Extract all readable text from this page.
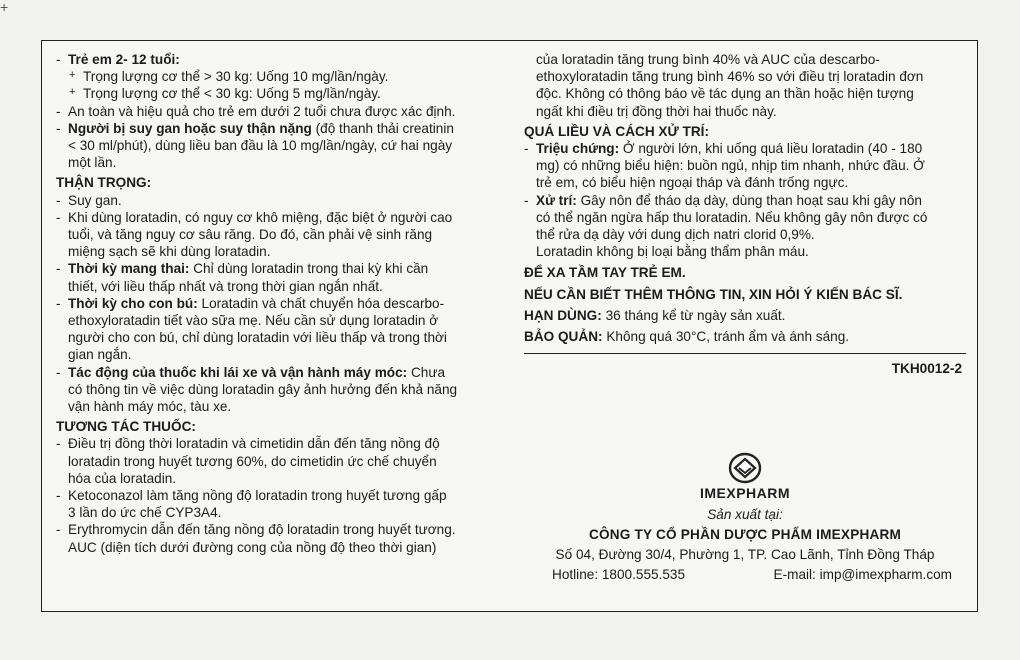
+
- Trẻ em 2- 12 tuổi:
+ Trọng lượng cơ thể > 30 kg: Uống 10 mg/lần/ngày.
+ Trọng lượng cơ thể < 30 kg: Uống 5 mg/lần/ngày.
- An toàn và hiệu quả cho trẻ em dưới 2 tuổi chưa được xác định.
- Người bị suy gan hoặc suy thận nặng (độ thanh thải creatinin
< 30 ml/phút), dùng liều ban đầu là 10 mg/lần/ngày, cứ hai ngày
một lần.
THẬN TRỌNG:
- Suy gan.
- Khi dùng loratadin, có nguy cơ khô miệng, đặc biệt ở người cao
tuổi, và tăng nguy cơ sâu răng. Do đó, cần phải vệ sinh răng
miệng sạch sẽ khi dùng loratadin.
- Thời kỳ mang thai: Chỉ dùng loratadin trong thai kỳ khi cần
thiết, với liều thấp nhất và trong thời gian ngắn nhất.
- Thời kỳ cho con bú: Loratadin và chất chuyển hóa descarbo-
ethoxyloratadin tiết vào sữa mẹ. Nếu cần sử dụng loratadin ở
người cho con bú, chỉ dùng loratadin với liều thấp và trong thời
gian ngắn.
- Tác động của thuốc khi lái xe và vận hành máy móc: Chưa
có thông tin về việc dùng loratadin gây ảnh hưởng đến khả năng
vận hành máy móc, tàu xe.
TƯƠNG TÁC THUỐC:
- Điều trị đồng thời loratadin và cimetidin dẫn đến tăng nồng độ
loratadin trong huyết tương 60%, do cimetidin ức chế chuyển
hóa của loratadin.
- Ketoconazol làm tăng nồng độ loratadin trong huyết tương gấp
3 lần do ức chế CYP3A4.
- Erythromycin dẫn đến tăng nồng độ loratadin trong huyết tương.
AUC (diện tích dưới đường cong của nồng độ theo thời gian)
của loratadin tăng trung bình 40% và AUC của descarbo-
ethoxyloratadin tăng trung bình 46% so với điều trị loratadin đơn
độc. Không có thông báo về tác dụng an thần hoặc hiện tượng
ngất khi điều trị đồng thời hai thuốc này.
QUÁ LIỀU VÀ CÁCH XỬ TRÍ:
- Triệu chứng: Ở người lớn, khi uống quá liều loratadin (40 - 180
mg) có những biểu hiện: buồn ngủ, nhịp tim nhanh, nhức đầu. Ở
trẻ em, có biểu hiện ngoại tháp và đánh trống ngực.
- Xử trí: Gây nôn để tháo dạ dày, dùng than hoạt sau khi gây nôn
có thể ngăn ngừa hấp thu loratadin. Nếu không gây nôn được có
thể rửa dạ dày với dung dịch natri clorid 0,9%.
Loratadin không bị loại bằng thẩm phân máu.
ĐỂ XA TẦM TAY TRẺ EM.
NẾU CẦN BIẾT THÊM THÔNG TIN, XIN HỎI Ý KIẾN BÁC SĨ.
HẠN DÙNG: 36 tháng kể từ ngày sản xuất.
BẢO QUẢN: Không quá 30°C, tránh ẩm và ánh sáng.
TKH0012-2
IMEXPHARM
Sản xuất tại:
CÔNG TY CỔ PHẦN DƯỢC PHẨM IMEXPHARM
Số 04, Đường 30/4, Phường 1, TP. Cao Lãnh, Tỉnh Đồng Tháp
Hotline: 1800.555.535	E-mail: imp@imexpharm.com
